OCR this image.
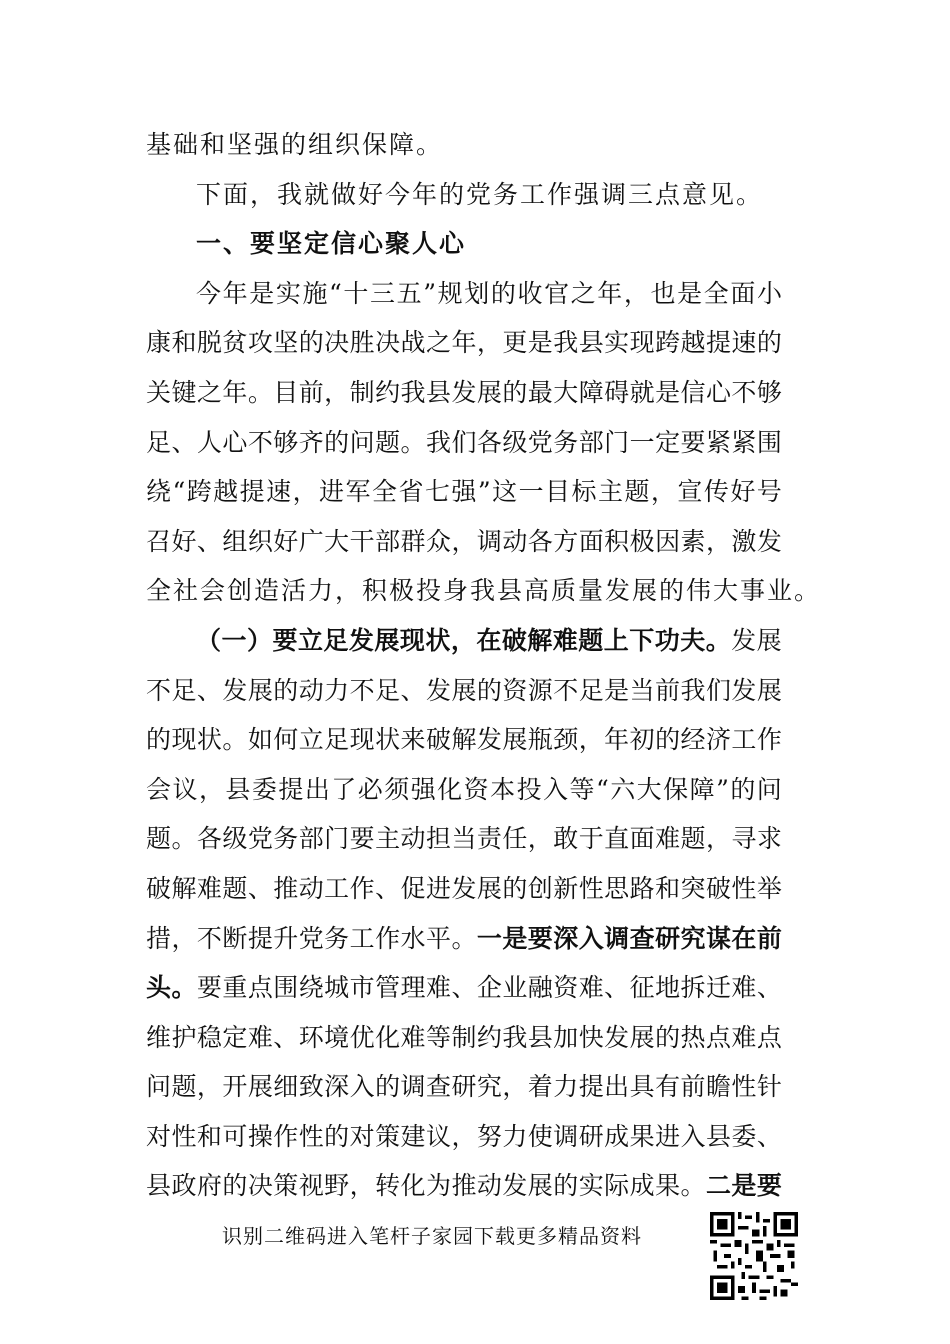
基础和坚强的组织保障。
下面，我就做好今年的党务工作强调三点意见。
一、要坚定信心聚人心
今 年 是 实 施 “ 十 三 五 ” 规 划 的 收 官 之 年 ， 也 是 全 面 小
康 和 脱 贫 攻 坚 的 决 胜 决 战 之 年 ， 更 是 我 县 实 现 跨 越 提 速 的
关 键 之 年 。 目 前 ， 制 约 我 县 发 展 的 最 大 障 碍 就 是 信 心 不 够
足 、 人 心 不 够 齐 的 问 题 。 我 们 各 级 党 务 部 门 一 定 要 紧 紧 围
绕 “ 跨 越 提 速 ， 进 军 全 省 七 强 ” 这 一 目 标 主 题 ， 宣 传 好 号
召 好 、 组 织 好 广 大 干 部 群 众 ， 调 动 各 方 面 积 极 因 素 ， 激 发
全社会创造活力，积极投身我县高质量发展的伟大事业。
（ 一 ） 要 立 足 发 展 现 状 ， 在 破 解 难 题 上 下 功 夫 。 发 展
不 足 、 发 展 的 动 力 不 足 、 发 展 的 资 源 不 足 是 当 前 我 们 发 展
的 现 状 。 如 何 立 足 现 状 来 破 解 发 展 瓶 颈 ， 年 初 的 经 济 工 作
会 议 ， 县 委 提 出 了 必 须 强 化 资 本 投 入 等 “ 六 大 保 障 ” 的 问
题 。 各 级 党 务 部 门 要 主 动 担 当 责 任 ， 敢 于 直 面 难 题 ， 寻 求
破 解 难 题 、 推 动 工 作 、 促 进 发 展 的 创 新 性 思 路 和 突 破 性 举
措 ， 不 断 提 升 党 务 工 作 水 平 。 一 是 要 深 入 调 查 研 究 谋 在 前
头 。 要 重 点 围 绕 城 市 管 理 难 、 企 业 融 资 难 、 征 地 拆 迁 难 、
维 护 稳 定 难 、 环 境 优 化 难 等 制 约 我 县 加 快 发 展 的 热 点 难 点
问 题 ， 开 展 细 致 深 入 的 调 查 研 究 ， 着 力 提 出 具 有 前 瞻 性 针
对 性 和 可 操 作 性 的 对 策 建 议 ， 努 力 使 调 研 成 果 进 入 县 委 、
县 政 府 的 决 策 视 野 ， 转 化 为 推 动 发 展 的 实 际 成 果 。 二 是 要
识别二维码进入笔杆子家园下载更多精品资料
